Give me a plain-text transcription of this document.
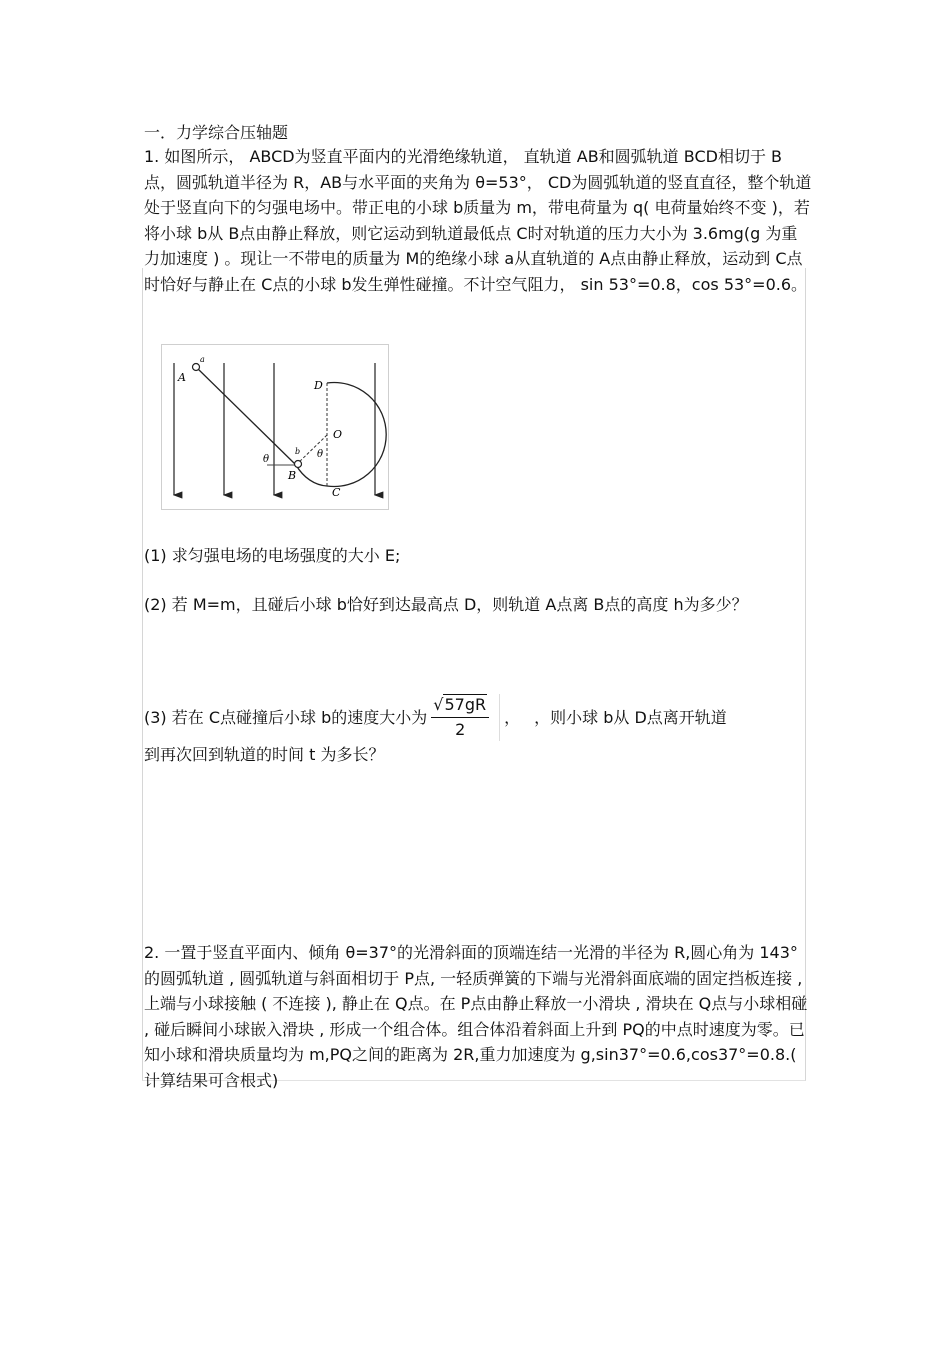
一．力学综合压轴题

1. 如图所示， ABCD为竖直平面内的光滑绝缘轨道， 直轨道 AB和圆弧轨道 BCD相切于 B点，圆弧轨道半径为 R，AB与水平面的夹角为 θ=53°， CD为圆弧轨道的竖直直径，整个轨道处于竖直向下的匀强电场中。带正电的小球 b质量为 m，带电荷量为 q( 电荷量始终不变 )，若将小球 b从 B点由静止释放，则它运动到轨道最低点 C时对轨道的压力大小为 3.6mg(g 为重力加速度 ) 。现让一不带电的质量为 M的绝缘小球 a从直轨道的 A点由静止释放，运动到 C点时恰好与静止在 C点的小球 b发生弹性碰撞。不计空气阻力， sin 53°=0.8，cos 53°=0.6。

A
a
B
b
C
D
O
θ	θ

(1) 求匀强电场的电场强度的大小 E;

(2) 若 M=m，且碰后小球 b恰好到达最高点 D，则轨道 A点离 B点的高度 h为多少？

(3) 若在 C点碰撞后小球 b的速度大小为 $\frac{√57gR}{2}$ ， ，则小球 b从 D点离开轨道

到再次回到轨道的时间 t 为多长？

2. 一置于竖直平面内、倾角 θ=37°的光滑斜面的顶端连结一光滑的半径为 R,圆心角为 143°的圆弧轨道 , 圆弧轨道与斜面相切于 P点, 一轻质弹簧的下端与光滑斜面底端的固定挡板连接 , 上端与小球接触 ( 不连接 ), 静止在 Q点。在 P点由静止释放一小滑块 , 滑块在 Q点与小球相碰 , 碰后瞬间小球嵌入滑块 , 形成一个组合体。组合体沿着斜面上升到 PQ的中点时速度为零。已知小球和滑块质量均为 m,PQ之间的距离为 2R,重力加速度为 g,sin37°=0.6,cos37°=0.8.( 计算结果可含根式)
